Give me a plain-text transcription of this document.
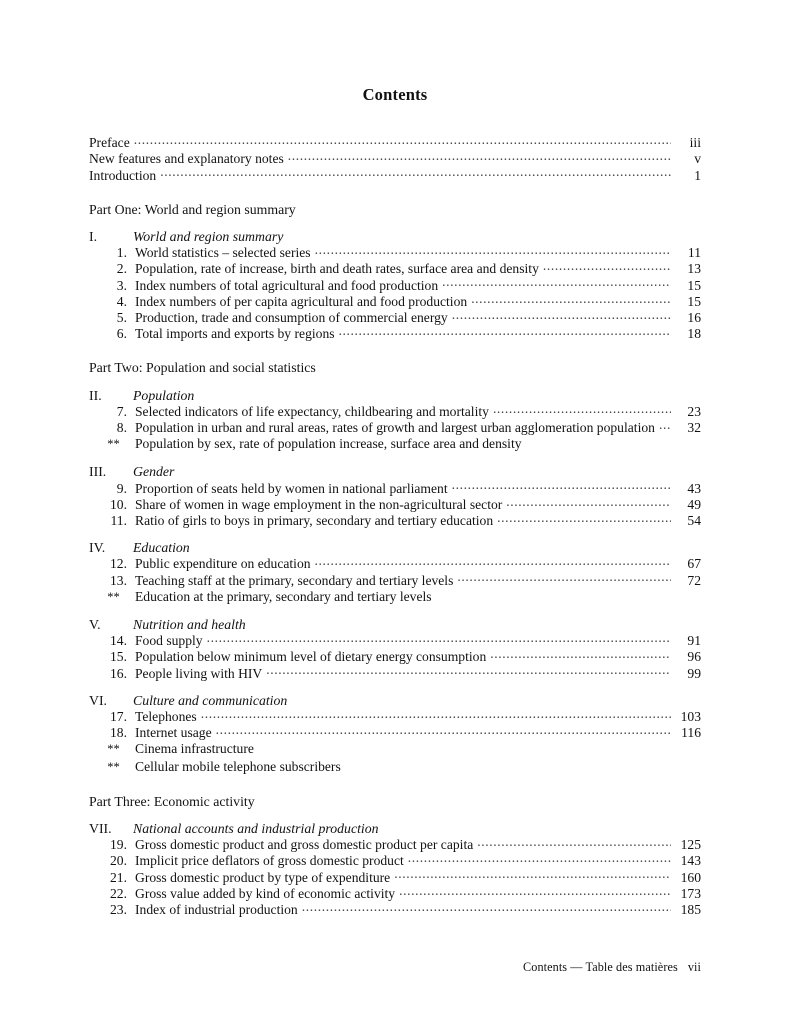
Contents
Preface .....	iii
New features and explanatory notes .....	v
Introduction .....	1
Part One: World and region summary
I.	World and region summary
1. World statistics – selected series .....	11
2. Population, rate of increase, birth and death rates, surface area and density .....	13
3. Index numbers of total agricultural and food production .....	15
4. Index numbers of per capita agricultural and food production .....	15
5. Production, trade and consumption of commercial energy .....	16
6. Total imports and exports by regions .....	18
Part Two: Population and social statistics
II.	Population
7. Selected indicators of life expectancy, childbearing and mortality .....	23
8. Population in urban and rural areas, rates of growth and largest urban agglomeration population .....	32
**	Population by sex, rate of population increase, surface area and density
III.	Gender
9. Proportion of seats held by women in national parliament .....	43
10. Share of women in wage employment in the non-agricultural sector .....	49
11. Ratio of girls to boys in primary, secondary and tertiary education .....	54
IV.	Education
12. Public expenditure on education .....	67
13. Teaching staff at the primary, secondary and tertiary levels .....	72
**	Education at the primary, secondary and tertiary levels
V.	Nutrition and health
14. Food supply .....	91
15. Population below minimum level of dietary energy consumption .....	96
16. People living with HIV .....	99
VI.	Culture and communication
17. Telephones .....	103
18. Internet usage .....	116
**	Cinema infrastructure
**	Cellular mobile telephone subscribers
Part Three: Economic activity
VII.	National accounts and industrial production
19. Gross domestic product and gross domestic product per capita .....	125
20. Implicit price deflators of gross domestic product .....	143
21. Gross domestic product by type of expenditure .....	160
22. Gross value added by kind of economic activity .....	173
23. Index of industrial production .....	185
Contents — Table des matières vii
